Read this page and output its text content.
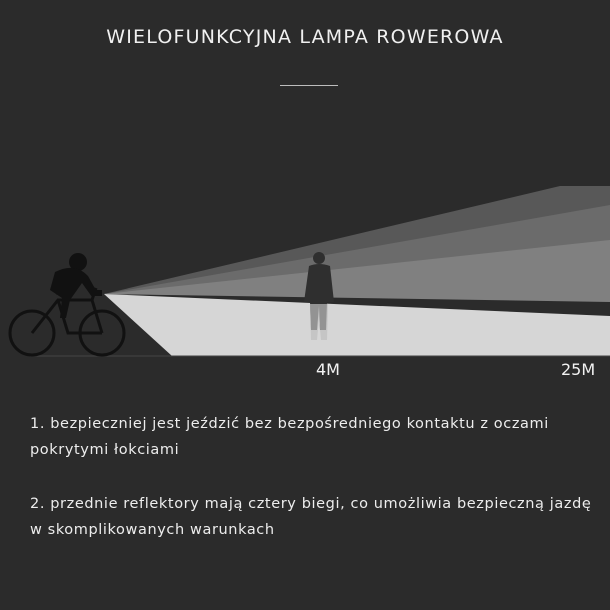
WIELOFUNKCYJNA LAMPA ROWEROWA
4M	25M
1. bezpieczniej jest jeździć bez bezpośredniego kontaktu z oczami pokrytymi łokciami
2. przednie reflektory mają cztery biegi, co umożliwia bezpieczną jazdę w skomplikowanych warunkach
